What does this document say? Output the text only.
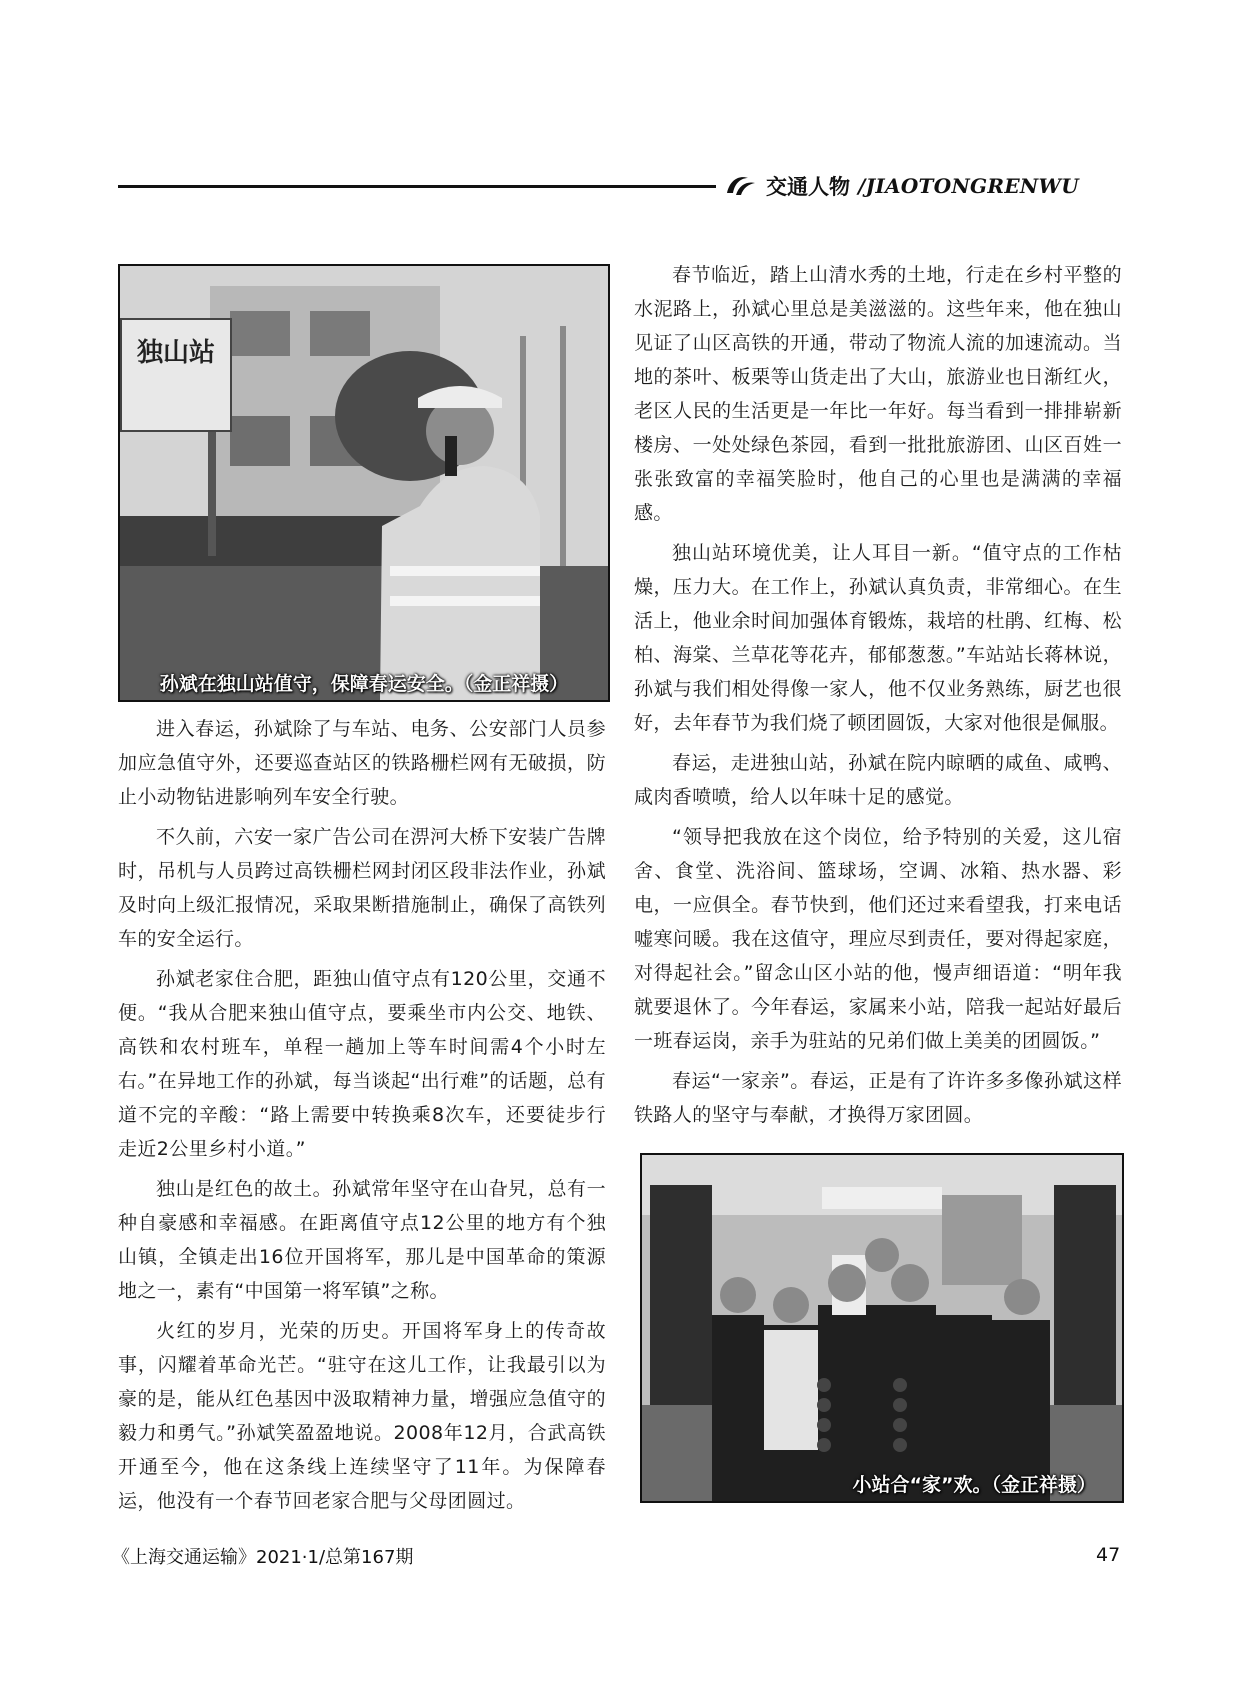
交通人物 /JIAOTONGRENWU
独山站
孙斌在独山站值守，保障春运安全。（金正祥摄）

进入春运，孙斌除了与车站、电务、公安部门人员参加应急值守外，还要巡查站区的铁路栅栏网有无破损，防止小动物钻进影响列车安全行驶。

不久前，六安一家广告公司在淠河大桥下安装广告牌时，吊机与人员跨过高铁栅栏网封闭区段非法作业，孙斌及时向上级汇报情况，采取果断措施制止，确保了高铁列车的安全运行。

孙斌老家住合肥，距独山值守点有120公里，交通不便。“我从合肥来独山值守点，要乘坐市内公交、地铁、高铁和农村班车，单程一趟加上等车时间需4个小时左右。”在异地工作的孙斌，每当谈起“出行难”的话题，总有道不完的辛酸：“路上需要中转换乘8次车，还要徒步行走近2公里乡村小道。”

独山是红色的故土。孙斌常年坚守在山旮旯，总有一种自豪感和幸福感。在距离值守点12公里的地方有个独山镇，全镇走出16位开国将军，那儿是中国革命的策源地之一，素有“中国第一将军镇”之称。

火红的岁月，光荣的历史。开国将军身上的传奇故事，闪耀着革命光芒。“驻守在这儿工作，让我最引以为豪的是，能从红色基因中汲取精神力量，增强应急值守的毅力和勇气。”孙斌笑盈盈地说。2008年12月，合武高铁开通至今，他在这条线上连续坚守了11年。为保障春运，他没有一个春节回老家合肥与父母团圆过。

春节临近，踏上山清水秀的土地，行走在乡村平整的水泥路上，孙斌心里总是美滋滋的。这些年来，他在独山见证了山区高铁的开通，带动了物流人流的加速流动。当地的茶叶、板栗等山货走出了大山，旅游业也日渐红火，老区人民的生活更是一年比一年好。每当看到一排排崭新楼房、一处处绿色茶园，看到一批批旅游团、山区百姓一张张致富的幸福笑脸时，他自己的心里也是满满的幸福感。

独山站环境优美，让人耳目一新。“值守点的工作枯燥，压力大。在工作上，孙斌认真负责，非常细心。在生活上，他业余时间加强体育锻炼，栽培的杜鹃、红梅、松柏、海棠、兰草花等花卉，郁郁葱葱。”车站站长蒋林说，孙斌与我们相处得像一家人，他不仅业务熟练，厨艺也很好，去年春节为我们烧了顿团圆饭，大家对他很是佩服。

春运，走进独山站，孙斌在院内晾晒的咸鱼、咸鸭、咸肉香喷喷，给人以年味十足的感觉。

“领导把我放在这个岗位，给予特别的关爱，这儿宿舍、食堂、洗浴间、篮球场，空调、冰箱、热水器、彩电，一应俱全。春节快到，他们还过来看望我，打来电话嘘寒问暖。我在这值守，理应尽到责任，要对得起家庭，对得起社会。”留念山区小站的他，慢声细语道：“明年我就要退休了。今年春运，家属来小站，陪我一起站好最后一班春运岗，亲手为驻站的兄弟们做上美美的团圆饭。”

春运“一家亲”。春运，正是有了许许多多像孙斌这样铁路人的坚守与奉献，才换得万家团圆。

小站合“家”欢。（金正祥摄）
《上海交通运输》2021·1/总第167期	47
